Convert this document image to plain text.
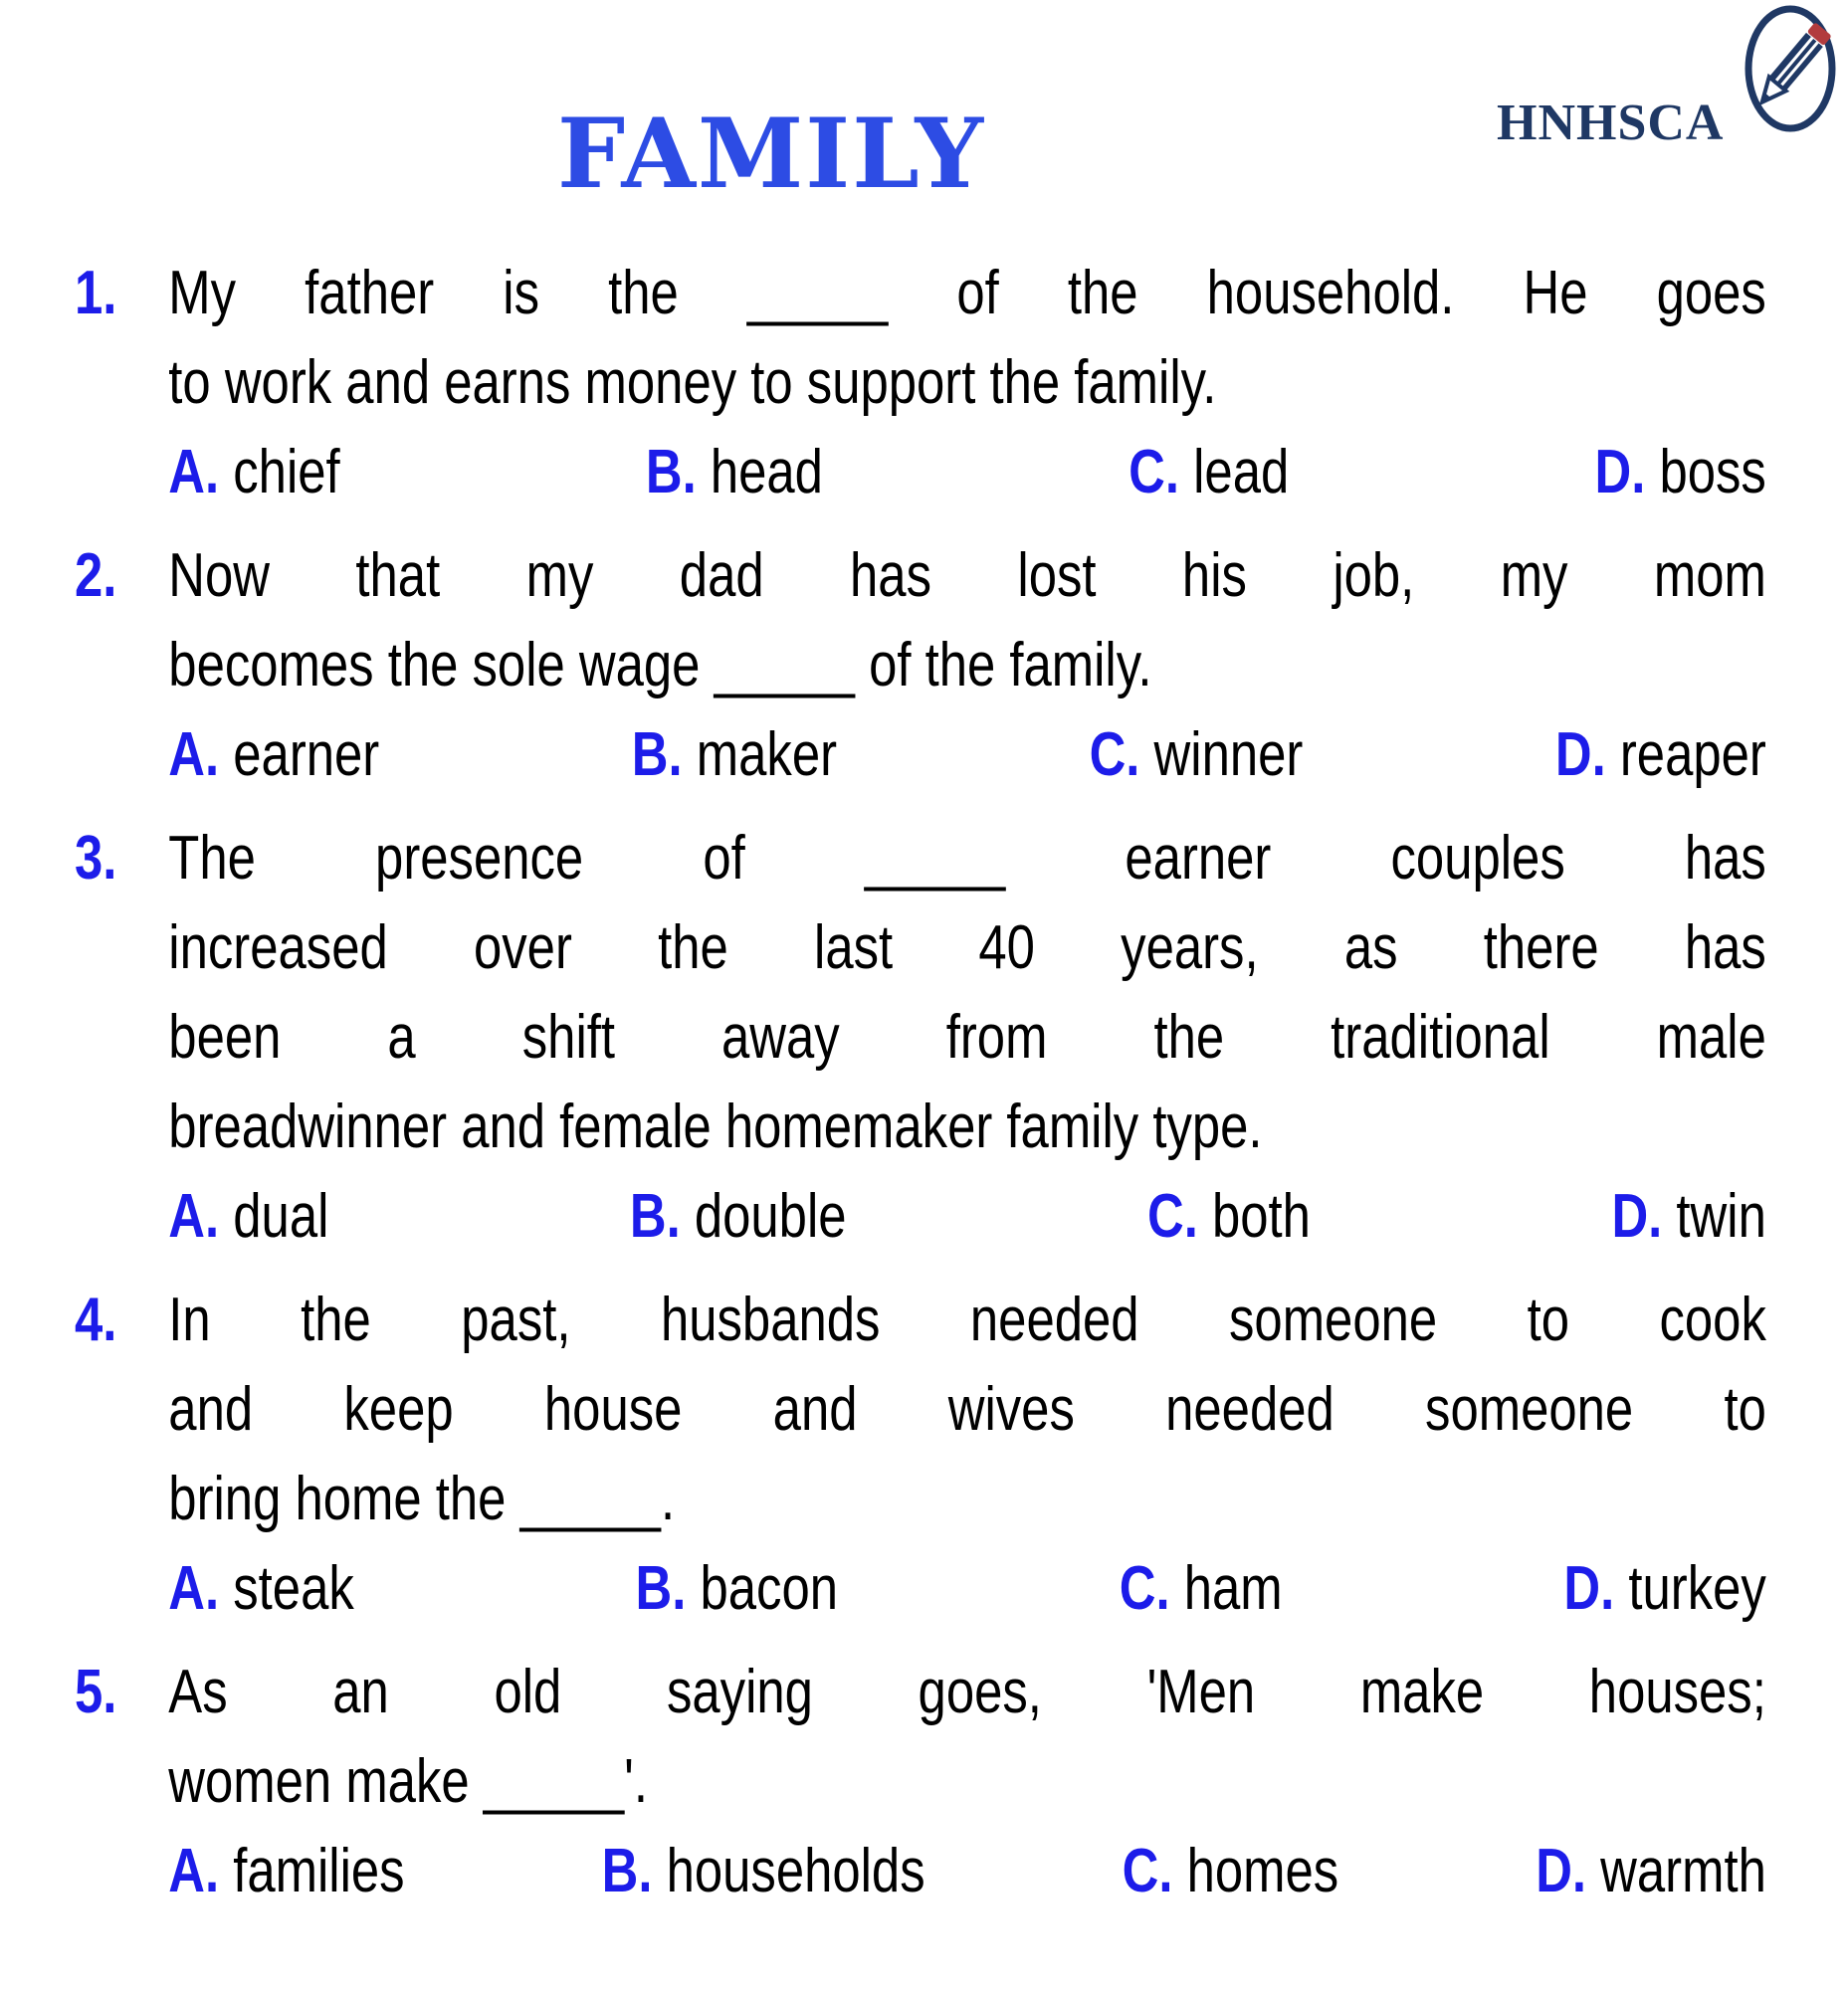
HNHSCA
FAMILY
1. My father is the _____ of the household. He goes
to work and earns money to support the family.
A. chief	B. head	C. lead	D. boss
2. Now that my dad has lost his job, my mom
becomes the sole wage _____ of the family.
A. earner	B. maker	C. winner	D. reaper
3. The presence of _____ earner couples has
increased over the last 40 years, as there has
been a shift away from the traditional male
breadwinner and female homemaker family type.
A. dual	B. double	C. both	D. twin
4. In the past, husbands needed someone to cook
and keep house and wives needed someone to
bring home the _____.
A. steak	B. bacon	C. ham	D. turkey
5. As an old saying goes, 'Men make houses;
women make _____'.
A. families	B. households	C. homes	D. warmth
